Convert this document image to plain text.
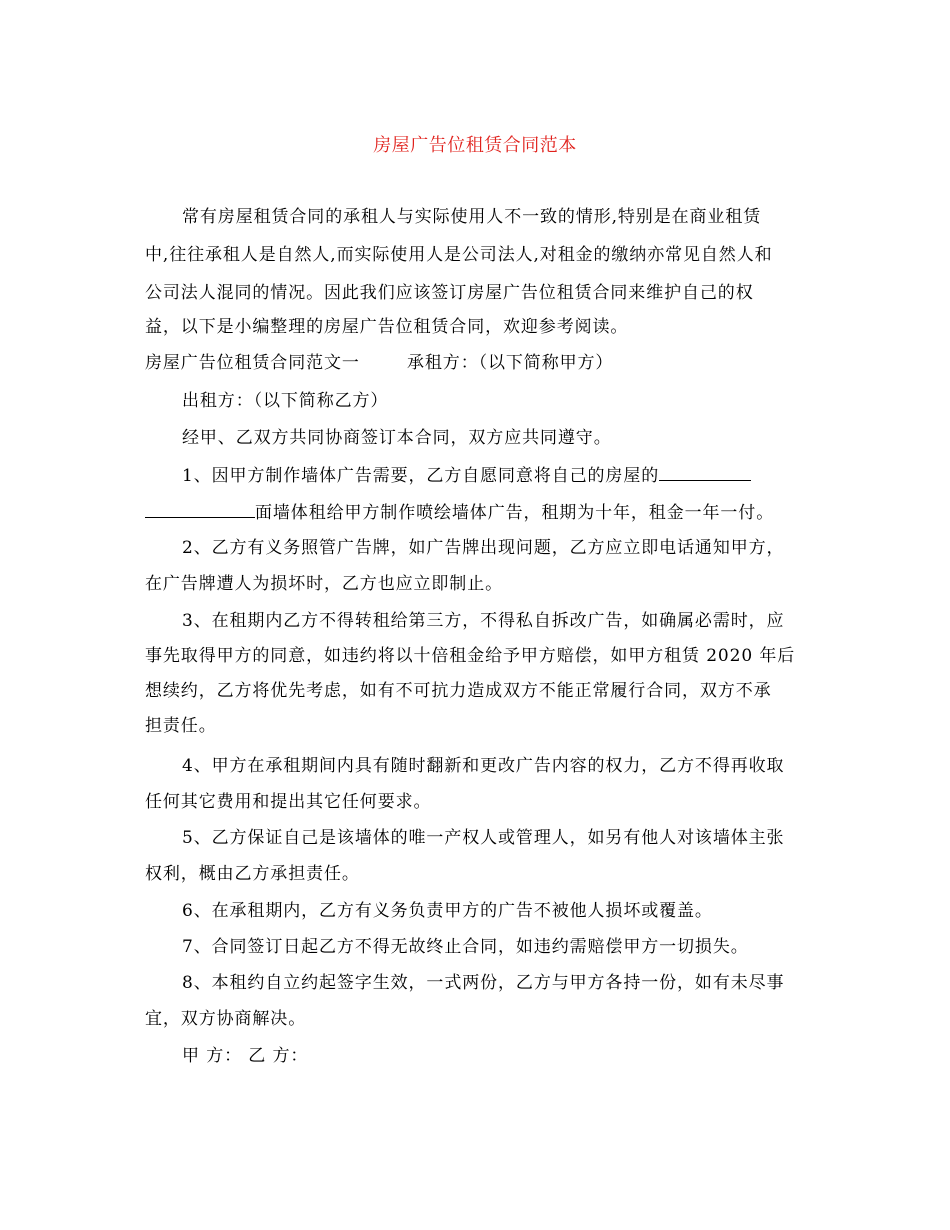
房屋广告位租赁合同范本
常有房屋租赁合同的承租人与实际使用人不一致的情形,特别是在商业租赁
中,往往承租人是自然人,而实际使用人是公司法人,对租金的缴纳亦常见自然人和
公司法人混同的情况。因此我们应该签订房屋广告位租赁合同来维护自己的权
益，以下是小编整理的房屋广告位租赁合同，欢迎参考阅读。
房屋广告位租赁合同范文一	承租方：（以下简称甲方）
出租方：（以下简称乙方）
经甲、乙双方共同协商签订本合同，双方应共同遵守。
1、因甲方制作墙体广告需要，乙方自愿同意将自己的房屋的
面墙体租给甲方制作喷绘墙体广告，租期为十年，租金一年一付。
2、乙方有义务照管广告牌，如广告牌出现问题，乙方应立即电话通知甲方，
在广告牌遭人为损坏时，乙方也应立即制止。
3、在租期内乙方不得转租给第三方，不得私自拆改广告，如确属必需时，应
事先取得甲方的同意，如违约将以十倍租金给予甲方赔偿，如甲方租赁 2020 年后
想续约，乙方将优先考虑，如有不可抗力造成双方不能正常履行合同，双方不承
担责任。
4、甲方在承租期间内具有随时翻新和更改广告内容的权力，乙方不得再收取
任何其它费用和提出其它任何要求。
5、乙方保证自己是该墙体的唯一产权人或管理人，如另有他人对该墙体主张
权利，概由乙方承担责任。
6、在承租期内，乙方有义务负责甲方的广告不被他人损坏或覆盖。
7、合同签订日起乙方不得无故终止合同，如违约需赔偿甲方一切损失。
8、本租约自立约起签字生效，一式两份，乙方与甲方各持一份，如有未尽事
宜，双方协商解决。
甲 方： 乙 方：
